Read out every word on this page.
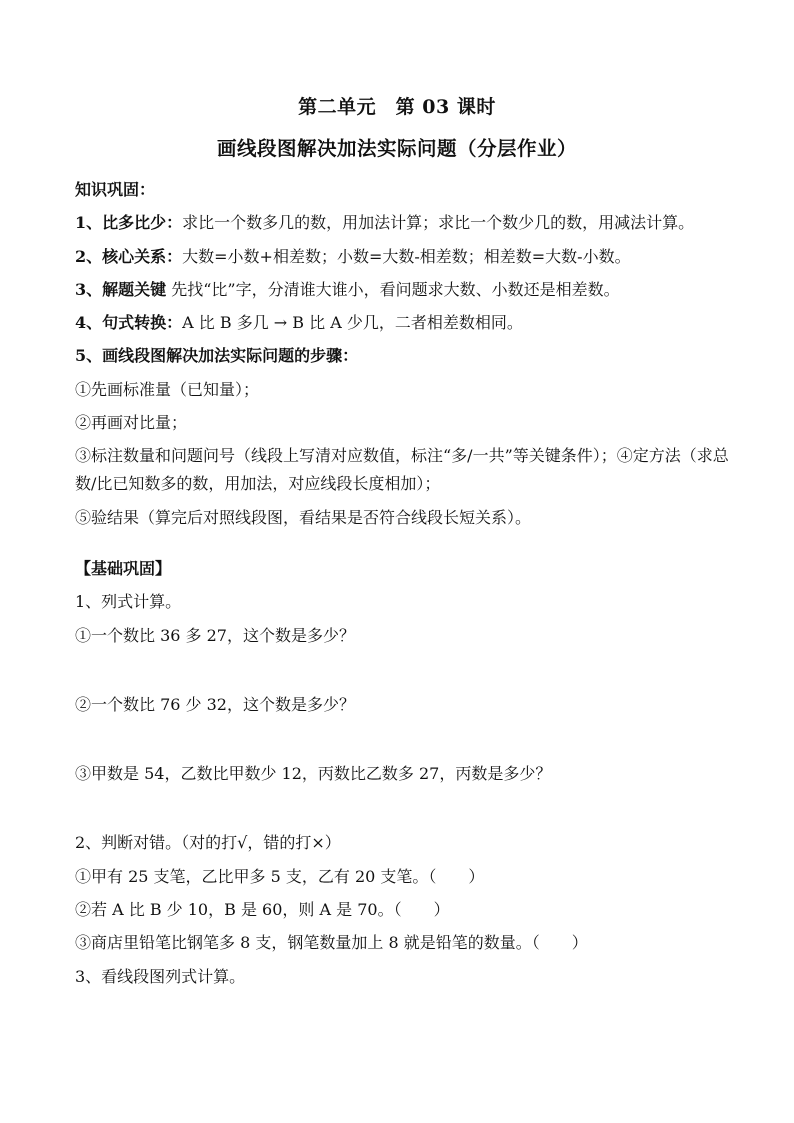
第二单元　第 03 课时
画线段图解决加法实际问题（分层作业）
知识巩固：
1、比多比少：求比一个数多几的数，用加法计算；求比一个数少几的数，用减法计算。
2、核心关系：大数=小数+相差数；小数=大数-相差数；相差数=大数-小数。
3、解题关键 先找“比”字，分清谁大谁小，看问题求大数、小数还是相差数。
4、句式转换：A 比 B 多几 → B 比 A 少几，二者相差数相同。
5、画线段图解决加法实际问题的步骤：
①先画标准量（已知量）；
②再画对比量；
③标注数量和问题问号（线段上写清对应数值，标注“多/一共”等关键条件）；④定方法（求总数/比已知数多的数，用加法，对应线段长度相加）；
⑤验结果（算完后对照线段图，看结果是否符合线段长短关系）。
【基础巩固】
1、列式计算。
①一个数比 36 多 27，这个数是多少？
②一个数比 76 少 32，这个数是多少？
③甲数是 54，乙数比甲数少 12，丙数比乙数多 27，丙数是多少？
2、判断对错。（对的打√，错的打×）
①甲有 25 支笔，乙比甲多 5 支，乙有 20 支笔。（　　）
②若 A 比 B 少 10，B 是 60，则 A 是 70。（　　）
③商店里铅笔比钢笔多 8 支，钢笔数量加上 8 就是铅笔的数量。（　　）
3、看线段图列式计算。
